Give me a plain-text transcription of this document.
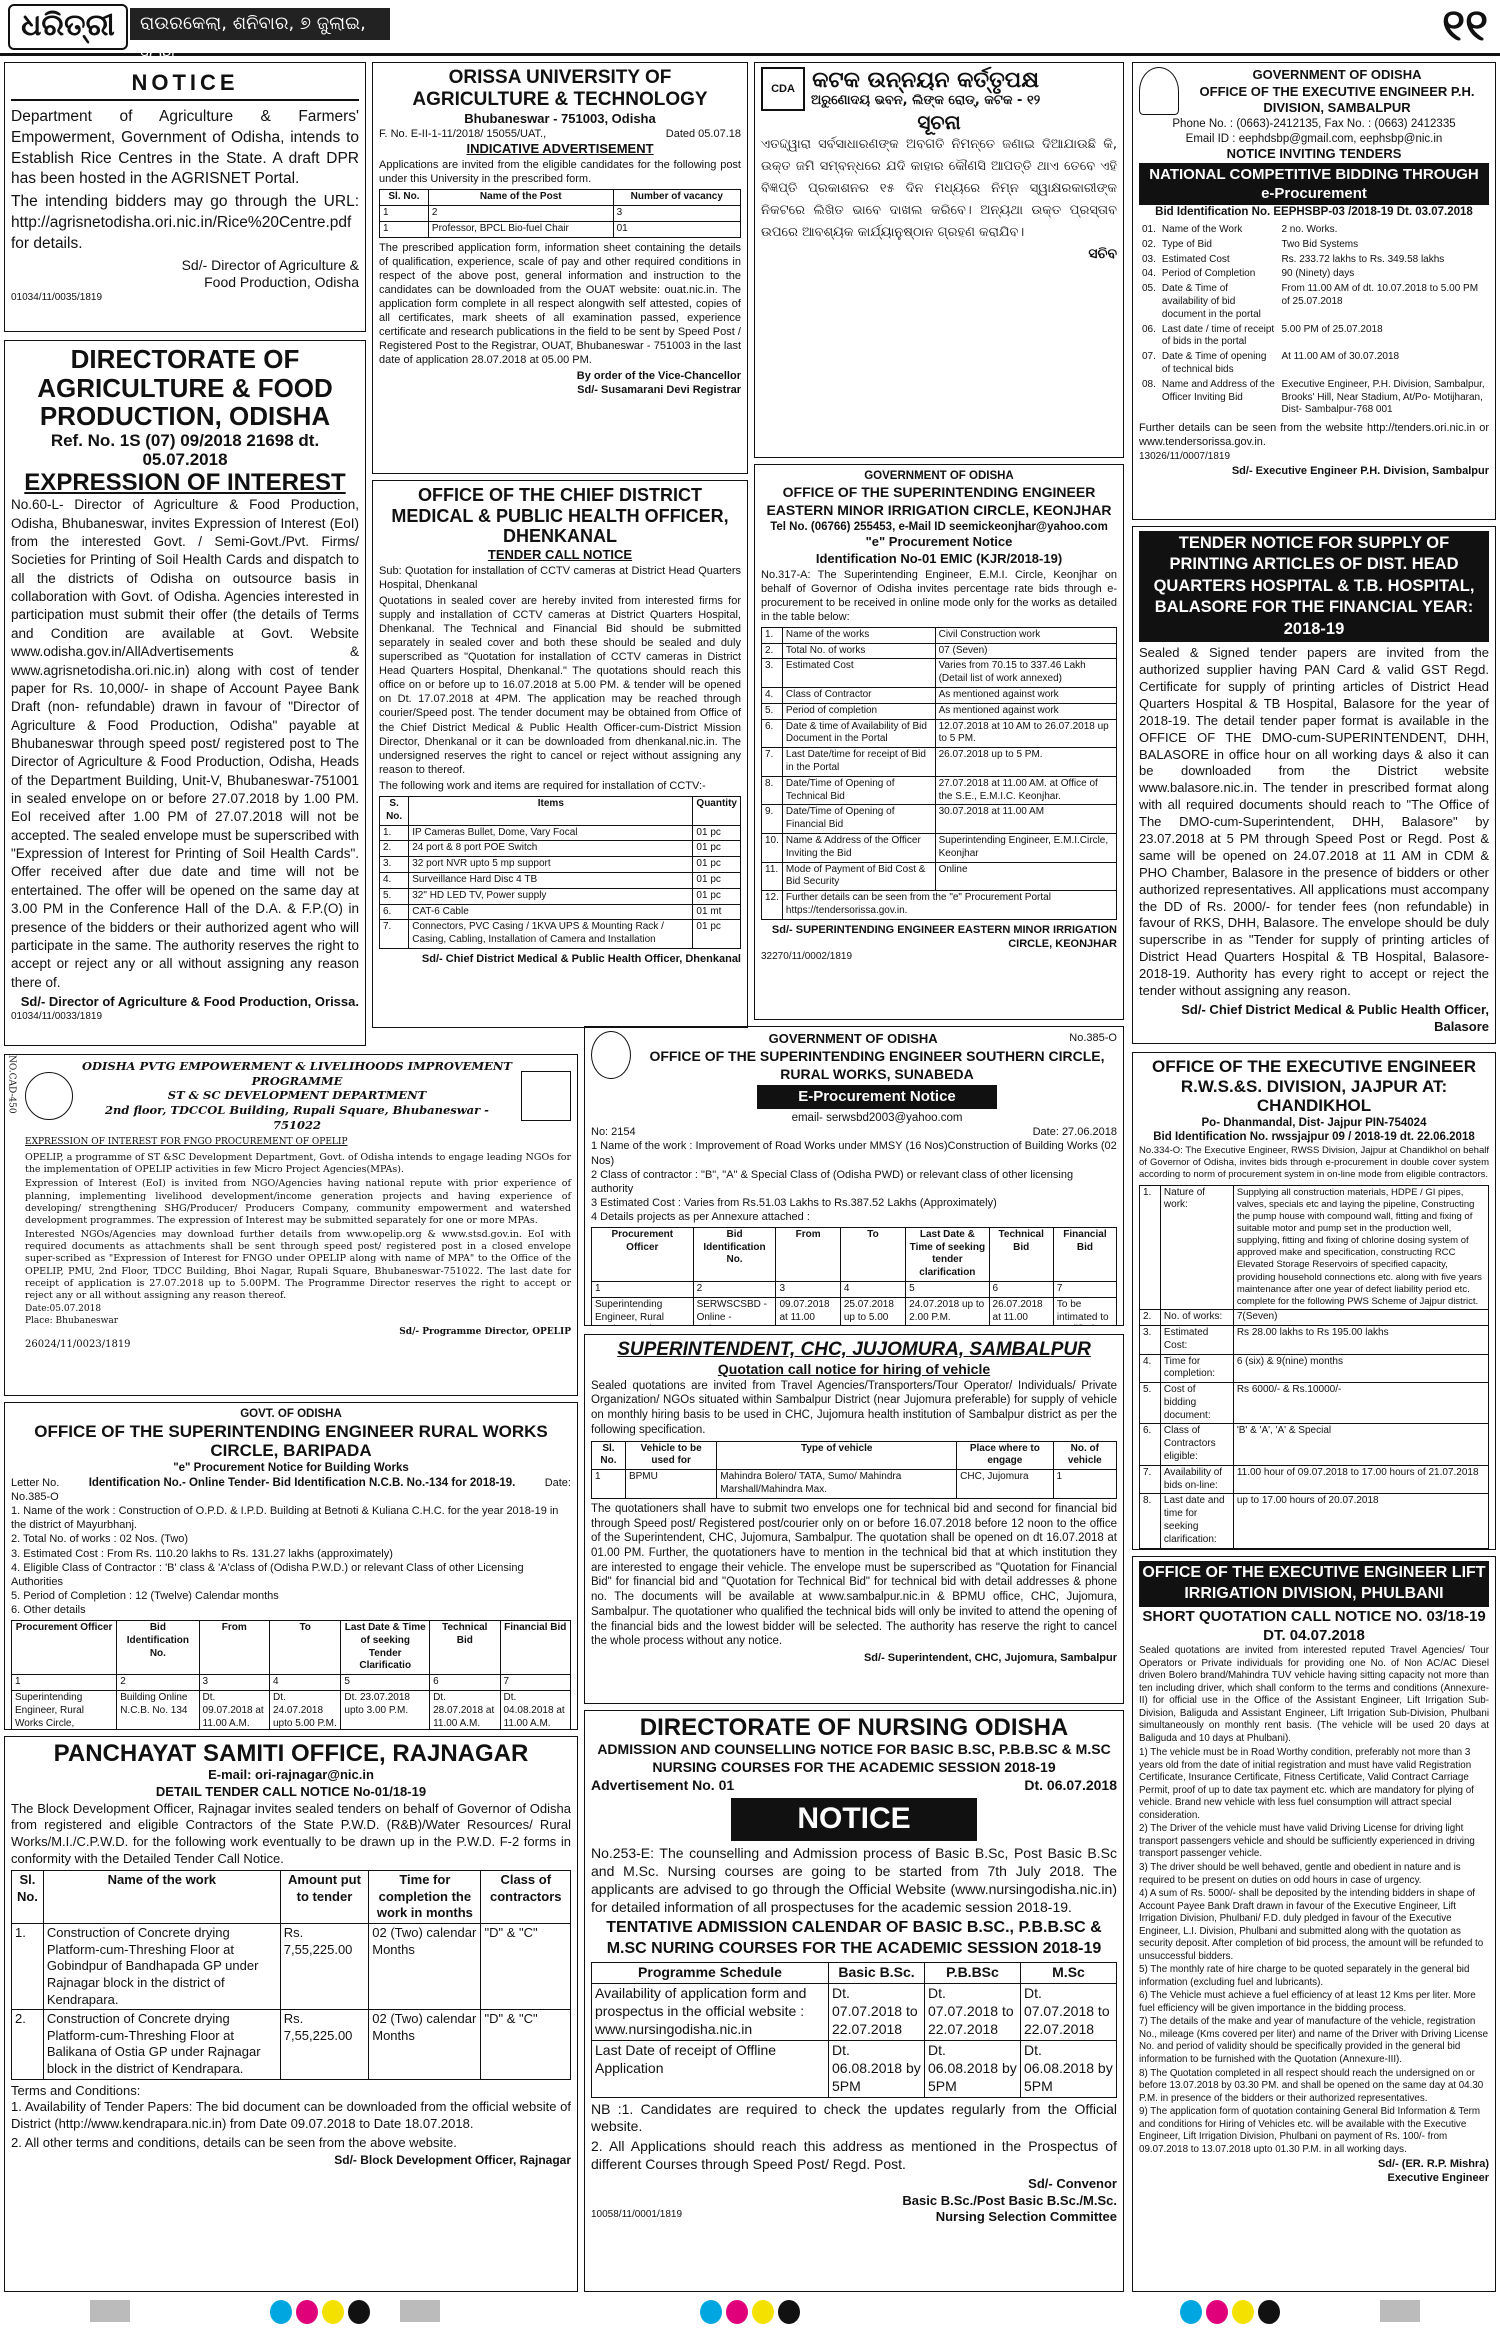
ଧରିତ୍ରୀ	ରାଉରକେଲା, ଶନିବାର, ୭ ଜୁଲାଇ, ୨୦୧୮
୧୧
NOTICE

Department of Agriculture & Farmers' Empowerment, Government of Odisha, intends to Establish Rice Centres in the State. A draft DPR has been hosted in the AGRISNET Portal.

The intending bidders may go through the URL: http://agrisnetodisha.ori.nic.in/Rice%20Centre.pdf for details.

Sd/- Director of Agriculture & Food Production, Odisha
01034/11/0035/1819
ORISSA UNIVERSITY OF AGRICULTURE & TECHNOLOGY
Bhubaneswar - 751003, Odisha
F. No. E-II-1-11/2018/ 15055/UAT.,	Dated 05.07.18
INDICATIVE ADVERTISEMENT

Applications are invited from the eligible candidates for the following post under this University in the prescribed form.

Sl. No.	Name of the Post	Number of vacancy
1	2	3
1	Professor, BPCL Bio-fuel Chair	01

The prescribed application form, information sheet containing the details of qualification, experience, scale of pay and other required conditions in respect of the above post, general information and instruction to the candidates can be downloaded from the OUAT website: ouat.nic.in. The application form complete in all respect alongwith self attested, copies of all certificates, mark sheets of all examination passed, experience certificate and research publications in the field to be sent by Speed Post / Registered Post to the Registrar, OUAT, Bhubaneswar - 751003 in the last date of application 28.07.2018 at 05.00 PM.

By order of the Vice-Chancellor
Sd/- Susamarani Devi Registrar
CDA କଟକ ଉନ୍ନୟନ କର୍ତ୍ତୃପକ୍ଷ
ଅରୁଣୋଦୟ ଭବନ, ଲିଙ୍କ ରୋଡ୍, କଟକ - ୧୨
ସୂଚନା

ଏତଦ୍ଦ୍ୱାରା ସର୍ବସାଧାରଣଙ୍କ ଅବଗତି ନିମନ୍ତେ ଜଣାଇ ଦିଆଯାଉଛି କି, ଉକ୍ତ ଜମି ସମ୍ବନ୍ଧରେ ଯଦି କାହାର କୌଣସି ଆପତ୍ତି ଥାଏ ତେବେ ଏହି ବିଜ୍ଞପ୍ତି ପ୍ରକାଶନର ୧୫ ଦିନ ମଧ୍ୟରେ ନିମ୍ନ ସ୍ୱାକ୍ଷରକାରୀଙ୍କ ନିକଟରେ ଲିଖିତ ଭାବେ ଦାଖଲ କରିବେ। ଅନ୍ୟଥା ଉକ୍ତ ପ୍ରସ୍ତାବ ଉପରେ ଆବଶ୍ୟକ କାର୍ଯ୍ୟାନୁଷ୍ଠାନ ଗ୍ରହଣ କରାଯିବ।

ସଚିବ
GOVERNMENT OF ODISHA
OFFICE OF THE EXECUTIVE ENGINEER P.H. DIVISION, SAMBALPUR
Phone No. : (0663)-2412135, Fax No. : (0663) 2412335
Email ID : eephdsbp@gmail.com, eephsbp@nic.in
NOTICE INVITING TENDERS
NATIONAL COMPETITIVE BIDDING THROUGH e-Procurement
Bid Identification No. EEPHSBP-03 /2018-19 Dt. 03.07.2018
01.	Name of the Work	2 no. Works.
02.	Type of Bid	Two Bid Systems
03.	Estimated Cost	Rs. 233.72 lakhs to Rs. 349.58 lakhs
04.	Period of Completion	90 (Ninety) days
05.	Date & Time of availability of bid document in the portal	From 11.00 AM of dt. 10.07.2018 to 5.00 PM of 25.07.2018
06.	Last date / time of receipt of bids in the portal	5.00 PM of 25.07.2018
07.	Date & Time of opening of technical bids	At 11.00 AM of 30.07.2018
08.	Name and Address of the Officer Inviting Bid	Executive Engineer, P.H. Division, Sambalpur, Brooks' Hill, Near Stadium, At/Po- Motijharan, Dist- Sambalpur-768 001

Further details can be seen from the website http://tenders.ori.nic.in or www.tendersorissa.gov.in.

13026/11/0007/1819
Sd/- Executive Engineer P.H. Division, Sambalpur
DIRECTORATE OF AGRICULTURE & FOOD PRODUCTION, ODISHA
Ref. No. 1S (07) 09/2018 21698 dt. 05.07.2018
EXPRESSION OF INTEREST

No.60-L- Director of Agriculture & Food Production, Odisha, Bhubaneswar, invites Expression of Interest (EoI) from the interested Govt. / Semi-Govt./Pvt. Firms/ Societies for Printing of Soil Health Cards and dispatch to all the districts of Odisha on outsource basis in collaboration with Govt. of Odisha. Agencies interested in participation must submit their offer (the details of Terms and Condition are available at Govt. Website www.odisha.gov.in/AllAdvertisements & www.agrisnetodisha.ori.nic.in) along with cost of tender paper for Rs. 10,000/- in shape of Account Payee Bank Draft (non- refundable) drawn in favour of "Director of Agriculture & Food Production, Odisha" payable at Bhubaneswar through speed post/ registered post to The Director of Agriculture & Food Production, Odisha, Heads of the Department Building, Unit-V, Bhubaneswar-751001 in sealed envelope on or before 27.07.2018 by 1.00 PM. EoI received after 1.00 PM of 27.07.2018 will not be accepted. The sealed envelope must be superscribed with "Expression of Interest for Printing of Soil Health Cards". Offer received after due date and time will not be entertained. The offer will be opened on the same day at 3.00 PM in the Conference Hall of the D.A. & F.P.(O) in presence of the bidders or their authorized agent who will participate in the same. The authority reserves the right to accept or reject any or all without assigning any reason there of.

Sd/- Director of Agriculture & Food Production, Orissa.
01034/11/0033/1819
OFFICE OF THE CHIEF DISTRICT MEDICAL & PUBLIC HEALTH OFFICER, DHENKANAL
TENDER CALL NOTICE

Sub: Quotation for installation of CCTV cameras at District Head Quarters Hospital, Dhenkanal

Quotations in sealed cover are hereby invited from interested firms for supply and installation of CCTV cameras at District Quarters Hospital, Dhenkanal. The Technical and Financial Bid should be submitted separately in sealed cover and both these should be sealed and duly superscribed as "Quotation for installation of CCTV cameras in District Head Quarters Hospital, Dhenkanal." The quotations should reach this office on or before up to 16.07.2018 at 5.00 PM. & tender will be opened on Dt. 17.07.2018 at 4PM. The application may be reached through courier/Speed post. The tender document may be obtained from Office of the Chief District Medical & Public Health Officer-cum-District Mission Director, Dhenkanal or it can be downloaded from dhenkanal.nic.in. The undersigned reserves the right to cancel or reject without assigning any reason to thereof.

The following work and items are required for installation of CCTV:-

S. No.	Items	Quantity
1.	IP Cameras Bullet, Dome, Vary Focal	01 pc
2.	24 port & 8 port POE Switch	01 pc
3.	32 port NVR upto 5 mp support	01 pc
4.	Surveillance Hard Disc 4 TB	01 pc
5.	32" HD LED TV, Power supply	01 pc
6.	CAT-6 Cable	01 mt
7.	Connectors, PVC Casing / 1KVA UPS & Mounting Rack / Casing, Cabling, Installation of Camera and Installation	01 pc
Sd/- Chief District Medical & Public Health Officer, Dhenkanal
GOVERNMENT OF ODISHA
OFFICE OF THE SUPERINTENDING ENGINEER EASTERN MINOR IRRIGATION CIRCLE, KEONJHAR
Tel No. (06766) 255453, e-Mail ID seemickeonjhar@yahoo.com
"e" Procurement Notice
Identification No-01 EMIC (KJR/2018-19)

No.317-A: The Superintending Engineer, E.M.I. Circle, Keonjhar on behalf of Governor of Odisha invites percentage rate bids through e-procurement to be received in online mode only for the works as detailed in the table below:

1.	Name of the works	Civil Construction work
2.	Total No. of works	07 (Seven)
3.	Estimated Cost	Varies from 70.15 to 337.46 Lakh (Detail list of work annexed)
4.	Class of Contractor	As mentioned against work
5.	Period of completion	As mentioned against work
6.	Date & time of Availability of Bid Document in the Portal	12.07.2018 at 10 AM to 26.07.2018 up to 5 PM.
7.	Last Date/time for receipt of Bid in the Portal	26.07.2018 up to 5 PM.
8.	Date/Time of Opening of Technical Bid	27.07.2018 at 11.00 AM. at Office of the S.E., E.M.I.C. Keonjhar.
9.	Date/Time of Opening of Financial Bid	30.07.2018 at 11.00 AM
10.	Name & Address of the Officer Inviting the Bid	Superintending Engineer, E.M.I.Circle, Keonjhar
11.	Mode of Payment of Bid Cost & Bid Security	Online
12.	Further details can be seen from the "e" Procurement Portal https://tendersorissa.gov.in.	
Sd/- SUPERINTENDING ENGINEER EASTERN MINOR IRRIGATION CIRCLE, KEONJHAR
32270/11/0002/1819
TENDER NOTICE FOR SUPPLY OF PRINTING ARTICLES OF DIST. HEAD QUARTERS HOSPITAL & T.B. HOSPITAL, BALASORE FOR THE FINANCIAL YEAR: 2018-19

Sealed & Signed tender papers are invited from the authorized supplier having PAN Card & valid GST Regd. Certificate for supply of printing articles of District Head Quarters Hospital & TB Hospital, Balasore for the year of 2018-19. The detail tender paper format is available in the OFFICE OF THE DMO-cum-SUPERINTENDENT, DHH, BALASORE in office hour on all working days & also it can be downloaded from the District website www.balasore.nic.in. The tender in prescribed format along with all required documents should reach to "The Office of The DMO-cum-Superintendent, DHH, Balasore" by 23.07.2018 at 5 PM through Speed Post or Regd. Post & same will be opened on 24.07.2018 at 11 AM in CDM & PHO Chamber, Balasore in the presence of bidders or other authorized representatives. All applications must accompany the DD of Rs. 2000/- for tender fees (non refundable) in favour of RKS, DHH, Balasore. The envelope should be duly superscribe in as "Tender for supply of printing articles of District Head Quarters Hospital & TB Hospital, Balasore- 2018-19. Authority has every right to accept or reject the tender without assigning any reason.

Sd/- Chief District Medical & Public Health Officer, Balasore
NO.CAD-450	ODISHA PVTG EMPOWERMENT & LIVELIHOODS IMPROVEMENT PROGRAMME
ST & SC DEVELOPMENT DEPARTMENT
2nd floor, TDCCOL Building, Rupali Square, Bhubaneswar - 751022
EXPRESSION OF INTEREST FOR FNGO PROCUREMENT OF OPELIP

OPELIP, a programme of ST &SC Development Department, Govt. of Odisha intends to engage leading NGOs for the implementation of OPELIP activities in few Micro Project Agencies(MPAs).

Expression of Interest (EoI) is invited from NGO/Agencies having national repute with prior experience of planning, implementing livelihood development/income generation projects and having experience of developing/ strengthening SHG/Producer/ Producers Company, community empowerment and watershed development programmes. The expression of Interest may be submitted separately for one or more MPAs.

Interested NGOs/Agencies may download further details from www.opelip.org & www.stsd.gov.in. EoI with required documents as attachments shall be sent through speed post/ registered post in a closed envelope super-scribed as "Expression of Interest for FNGO under OPELIP along with name of MPA" to the Office of the OPELIP, PMU, 2nd Floor, TDCC Building, Bhoi Nagar, Rupali Square, Bhubaneswar-751022. The last date for receipt of application is 27.07.2018 up to 5.00PM. The Programme Director reserves the right to accept or reject any or all without assigning any reason thereof.

Date:05.07.2018
Place: Bhubaneswar
Sd/- Programme Director, OPELIP
26024/11/0023/1819
GOVERNMENT OF ODISHA	No.385-O
OFFICE OF THE SUPERINTENDING ENGINEER SOUTHERN CIRCLE, RURAL WORKS, SUNABEDA
E-Procurement Notice
email- serwsbd2003@yahoo.com
No: 2154	Date: 27.06.2018
1 Name of the work : Improvement of Road Works under MMSY (16 Nos)Construction of Building Works (02 Nos)
2 Class of contractor : "B", "A" & Special Class of (Odisha PWD) or relevant class of other licensing authority
3 Estimated Cost : Varies from Rs.51.03 Lakhs to Rs.387.52 Lakhs (Approximately)
4 Details projects as per Annexure attached :
Procurement Officer	Bid Identification No.	From	To	Last Date & Time of seeking tender clarification	Technical Bid	Financial Bid
1	2	3	4	5	6	7
Superintending Engineer, Rural	SERWSCSBD - Online -	09.07.2018 at 11.00	25.07.2018 up to 5.00	24.07.2018 up to 2.00 P.M.	26.07.2018 at 11.00	To be intimated to
OFFICE OF THE EXECUTIVE ENGINEER R.W.S.&S. DIVISION, JAJPUR AT: CHANDIKHOL
Po- Dhanmandal, Dist- Jajpur PIN-754024
Bid Identification No. rwssjajpur 09 / 2018-19 dt. 22.06.2018

No.334-O: The Executive Engineer, RWSS Division, Jajpur at Chandikhol on behalf of Governor of Odisha, invites bids through e-procurement in double cover system according to norm of procurement system in on-line mode from eligible contractors.

1.	Nature of work:	Supplying all construction materials, HDPE / GI pipes, valves, specials etc and laying the pipeline, Constructing the pump house with compound wall, fitting and fixing of suitable motor and pump set in the production well, supplying, fitting and fixing of chlorine dosing system of approved make and specification, constructing RCC Elevated Storage Reservoirs of specified capacity, providing household connections etc. along with five years maintenance after one year of defect liability period etc. complete for the following PWS Scheme of Jajpur district.
2.	No. of works:	7(Seven)
3.	Estimated Cost:	Rs 28.00 lakhs to Rs 195.00 lakhs
4.	Time for completion:	6 (six) & 9(nine) months
5.	Cost of bidding document:	Rs 6000/- & Rs.10000/-
6.	Class of Contractors eligible:	'B' & 'A', 'A' & Special
7.	Availability of bids on-line:	11.00 hour of 09.07.2018 to 17.00 hours of 21.07.2018
8.	Last date and time for seeking clarification:	up to 17.00 hours of 20.07.2018

GOVT. OF ODISHA
OFFICE OF THE SUPERINTENDING ENGINEER RURAL WORKS CIRCLE, BARIPADA
"e" Procurement Notice for Building Works
Letter No.	Identification No.- Online Tender- Bid Identification N.C.B. No.-134 for 2018-19.	Date:
No.385-O
1. Name of the work : Construction of O.P.D. & I.P.D. Building at Betnoti & Kuliana C.H.C. for the year 2018-19 in the district of Mayurbhanj.
2. Total No. of works : 02 Nos. (Two)
3. Estimated Cost : From Rs. 110.20 lakhs to Rs. 131.27 lakhs (approximately)
4. Eligible Class of Contractor : 'B' class & 'A'class of (Odisha P.W.D.) or relevant Class of other Licensing Authorities
5. Period of Completion : 12 (Twelve) Calendar months
6. Other details
Procurement Officer	Bid Identification No.	From	To	Last Date & Time of seeking Tender Clarificatio	Technical Bid	Financial Bid
1	2	3	4	5	6	7
Superintending Engineer, Rural Works Circle,	Building Online N.C.B. No. 134	Dt. 09.07.2018 at 11.00 A.M.	Dt. 24.07.2018 upto 5.00 P.M.	Dt. 23.07.2018 upto 3.00 P.M.	Dt. 28.07.2018 at 11.00 A.M.	Dt. 04.08.2018 at 11.00 A.M.
SUPERINTENDENT, CHC, JUJOMURA, SAMBALPUR
Quotation call notice for hiring of vehicle

Sealed quotations are invited from Travel Agencies/Transporters/Tour Operator/ Individuals/ Private Organization/ NGOs situated within Sambalpur District (near Jujomura preferable) for supply of vehicle on monthly hiring basis to be used in CHC, Jujomura health institution of Sambalpur district as per the following specification.

Sl. No.	Vehicle to be used for	Type of vehicle	Place where to engage	No. of vehicle
1	BPMU	Mahindra Bolero/ TATA, Sumo/ Mahindra Marshall/Mahindra Max.	CHC, Jujomura	1

The quotationers shall have to submit two envelops one for technical bid and second for financial bid through Speed post/ Registered post/courier only on or before 16.07.2018 before 12 noon to the office of the Superintendent, CHC, Jujomura, Sambalpur. The quotation shall be opened on dt 16.07.2018 at 01.00 PM. Further, the quotationers have to mention in the technical bid that at which institution they are interested to engage their vehicle. The envelope must be superscribed as "Quotation for Financial Bid" for financial bid and "Quotation for Technical Bid" for technical bid with detail addresses & phone no. The documents will be available at www.sambalpur.nic.in & BPMU office, CHC, Jujomura, Sambalpur. The quotationer who qualified the technical bids will only be invited to attend the opening of the financial bids and the lowest bidder will be selected. The authority has reserve the right to cancel the whole process without any notice.

Sd/- Superintendent, CHC, Jujomura, Sambalpur
OFFICE OF THE EXECUTIVE ENGINEER LIFT IRRIGATION DIVISION, PHULBANI
SHORT QUOTATION CALL NOTICE NO. 03/18-19 DT. 04.07.2018

Sealed quotations are invited from interested reputed Travel Agencies/ Tour Operators or Private individuals for providing one No. of Non AC/AC Diesel driven Bolero brand/Mahindra TUV vehicle having sitting capacity not more than ten including driver, which shall conform to the terms and conditions (Annexure-II) for official use in the Office of the Assistant Engineer, Lift Irrigation Sub-Division, Baliguda and Assistant Engineer, Lift Irrigation Sub-Division, Phulbani simultaneously on monthly rent basis. (The vehicle will be used 20 days at Baliguda and 10 days at Phulbani).

1) The vehicle must be in Road Worthy condition, preferably not more than 3 years old from the date of initial registration and must have valid Registration Certificate, Insurance Certificate, Fitness Certificate, Valid Contract Carriage Permit, proof of up to date tax payment etc. which are mandatory for plying of vehicle. Brand new vehicle with less fuel consumption will attract special consideration.
2) The Driver of the vehicle must have valid Driving License for driving light transport passengers vehicle and should be sufficiently experienced in driving transport passenger vehicle.
3) The driver should be well behaved, gentle and obedient in nature and is required to be present on duties on odd hours in case of urgency.
4) A sum of Rs. 5000/- shall be deposited by the intending bidders in shape of Account Payee Bank Draft drawn in favour of the Executive Engineer, Lift Irrigation Division, Phulbani/ F.D. duly pledged in favour of the Executive Engineer, L.I. Division, Phulbani and submitted along with the quotation as security deposit. After completion of bid process, the amount will be refunded to unsuccessful bidders.
5) The monthly rate of hire charge to be quoted separately in the general bid information (excluding fuel and lubricants).
6) The Vehicle must achieve a fuel efficiency of at least 12 Kms per liter. More fuel efficiency will be given importance in the bidding process.
7) The details of the make and year of manufacture of the vehicle, registration No., mileage (Kms covered per liter) and name of the Driver with Driving License No. and period of validity should be specifically provided in the general bid information to be furnished with the Quotation (Annexure-III).
8) The Quotation completed in all respect should reach the undersigned on or before 13.07.2018 by 03.30 PM. and shall be opened on the same day at 04.30 P.M. in presence of the bidders or their authorized representatives.
9) The application form of quotation containing General Bid Information & Term and conditions for Hiring of Vehicles etc. will be available with the Executive Engineer, Lift Irrigation Division, Phulbani on payment of Rs. 100/- from 09.07.2018 to 13.07.2018 upto 01.30 P.M. in all working days.
Sd/- (ER. R.P. Mishra)
Executive Engineer
PANCHAYAT SAMITI OFFICE, RAJNAGAR
E-mail: ori-rajnagar@nic.in
DETAIL TENDER CALL NOTICE No-01/18-19

The Block Development Officer, Rajnagar invites sealed tenders on behalf of Governor of Odisha from registered and eligible Contractors of the State P.W.D. (R&B)/Water Resources/ Rural Works/M.I./C.P.W.D. for the following work eventually to be drawn up in the P.W.D. F-2 forms in conformity with the Detailed Tender Call Notice.

Sl. No.	Name of the work	Amount put to tender	Time for completion the work in months	Class of contractors
1.	Construction of Concrete drying Platform-cum-Threshing Floor at Gobindpur of Bandhapada GP under Rajnagar block in the district of Kendrapara.	Rs. 7,55,225.00	02 (Two) calendar Months	"D" & "C"
2.	Construction of Concrete drying Platform-cum-Threshing Floor at Balikana of Ostia GP under Rajnagar block in the district of Kendrapara.	Rs. 7,55,225.00	02 (Two) calendar Months	"D" & "C"
Terms and Conditions:

1. Availability of Tender Papers: The bid document can be downloaded from the official website of District (http://www.kendrapara.nic.in) from Date 09.07.2018 to Date 18.07.2018.

2. All other terms and conditions, details can be seen from the above website.

Sd/- Block Development Officer, Rajnagar
DIRECTORATE OF NURSING ODISHA
ADMISSION AND COUNSELLING NOTICE FOR BASIC B.SC, P.B.B.SC & M.SC NURSING COURSES FOR THE ACADEMIC SESSION 2018-19
Advertisement No. 01	Dt. 06.07.2018
NOTICE

No.253-E: The counselling and Admission process of Basic B.Sc, Post Basic B.Sc and M.Sc. Nursing courses are going to be started from 7th July 2018. The applicants are advised to go through the Official Website (www.nursingodisha.nic.in) for detailed information of all prospectuses for the academic session 2018-19.

TENTATIVE ADMISSION CALENDAR OF BASIC B.SC., P.B.B.SC & M.SC NURING COURSES FOR THE ACADEMIC SESSION 2018-19
Programme Schedule	Basic B.Sc.	P.B.BSc	M.Sc
Availability of application form and prospectus in the official website : www.nursingodisha.nic.in	Dt. 07.07.2018 to 22.07.2018	Dt. 07.07.2018 to 22.07.2018	Dt. 07.07.2018 to 22.07.2018
Last Date of receipt of Offline Application	Dt. 06.08.2018 by 5PM	Dt. 06.08.2018 by 5PM	Dt. 06.08.2018 by 5PM

NB :1. Candidates are required to check the updates regularly from the Official website.

2. All Applications should reach this address as mentioned in the Prospectus of different Courses through Speed Post/ Regd. Post.

Sd/- Convenor
Basic B.Sc./Post Basic B.Sc./M.Sc.
10058/11/0001/1819	Nursing Selection Committee
